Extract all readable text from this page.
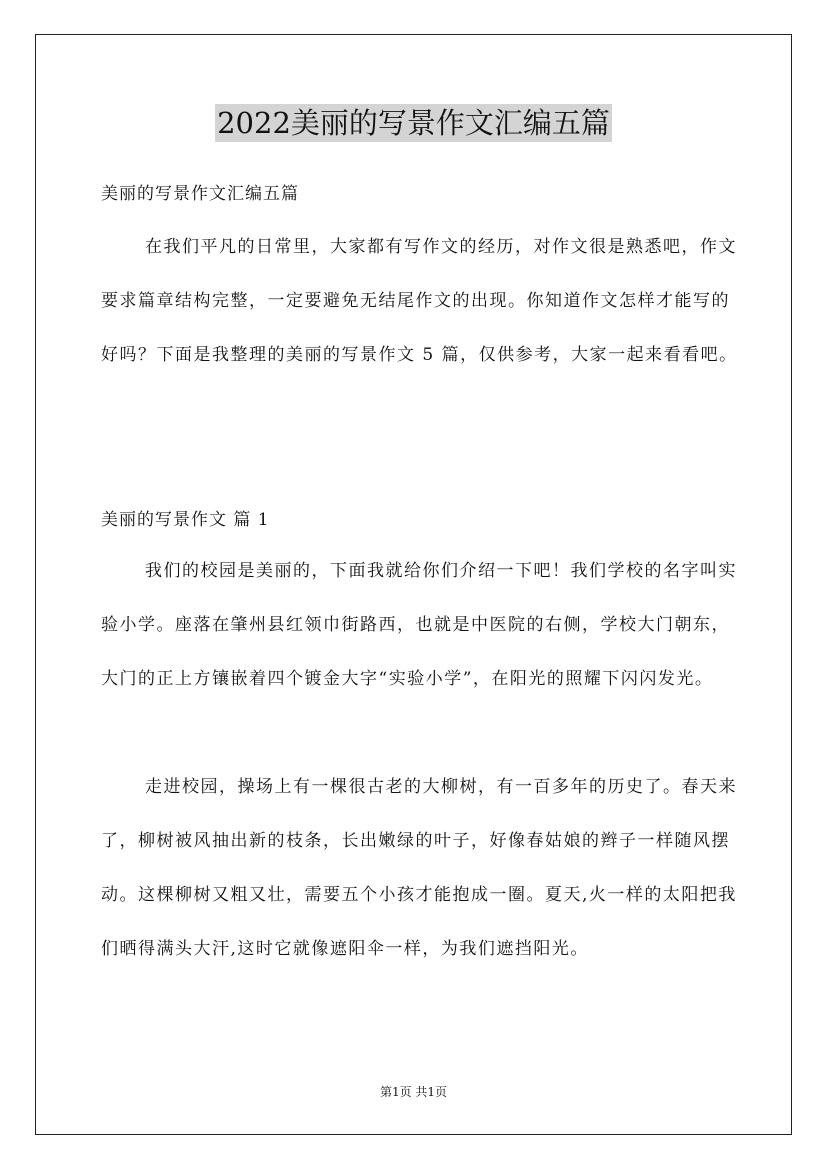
2022美丽的写景作文汇编五篇
美丽的写景作文汇编五篇

在我们平凡的日常里，大家都有写作文的经历，对作文很是熟悉吧，作文要求篇章结构完整，一定要避免无结尾作文的出现。你知道作文怎样才能写的好吗？下面是我整理的美丽的写景作文 5 篇，仅供参考，大家一起来看看吧。

美丽的写景作文 篇 1

我们的校园是美丽的，下面我就给你们介绍一下吧！我们学校的名字叫实验小学。座落在肇州县红领巾街路西，也就是中医院的右侧，学校大门朝东，大门的正上方镶嵌着四个镀金大字“实验小学”，在阳光的照耀下闪闪发光。

走进校园，操场上有一棵很古老的大柳树，有一百多年的历史了。春天来了，柳树被风抽出新的枝条，长出嫩绿的叶子，好像春姑娘的辫子一样随风摆动。这棵柳树又粗又壮，需要五个小孩才能抱成一圈。夏天,火一样的太阳把我们晒得满头大汗,这时它就像遮阳伞一样，为我们遮挡阳光。

第1页 共1页
